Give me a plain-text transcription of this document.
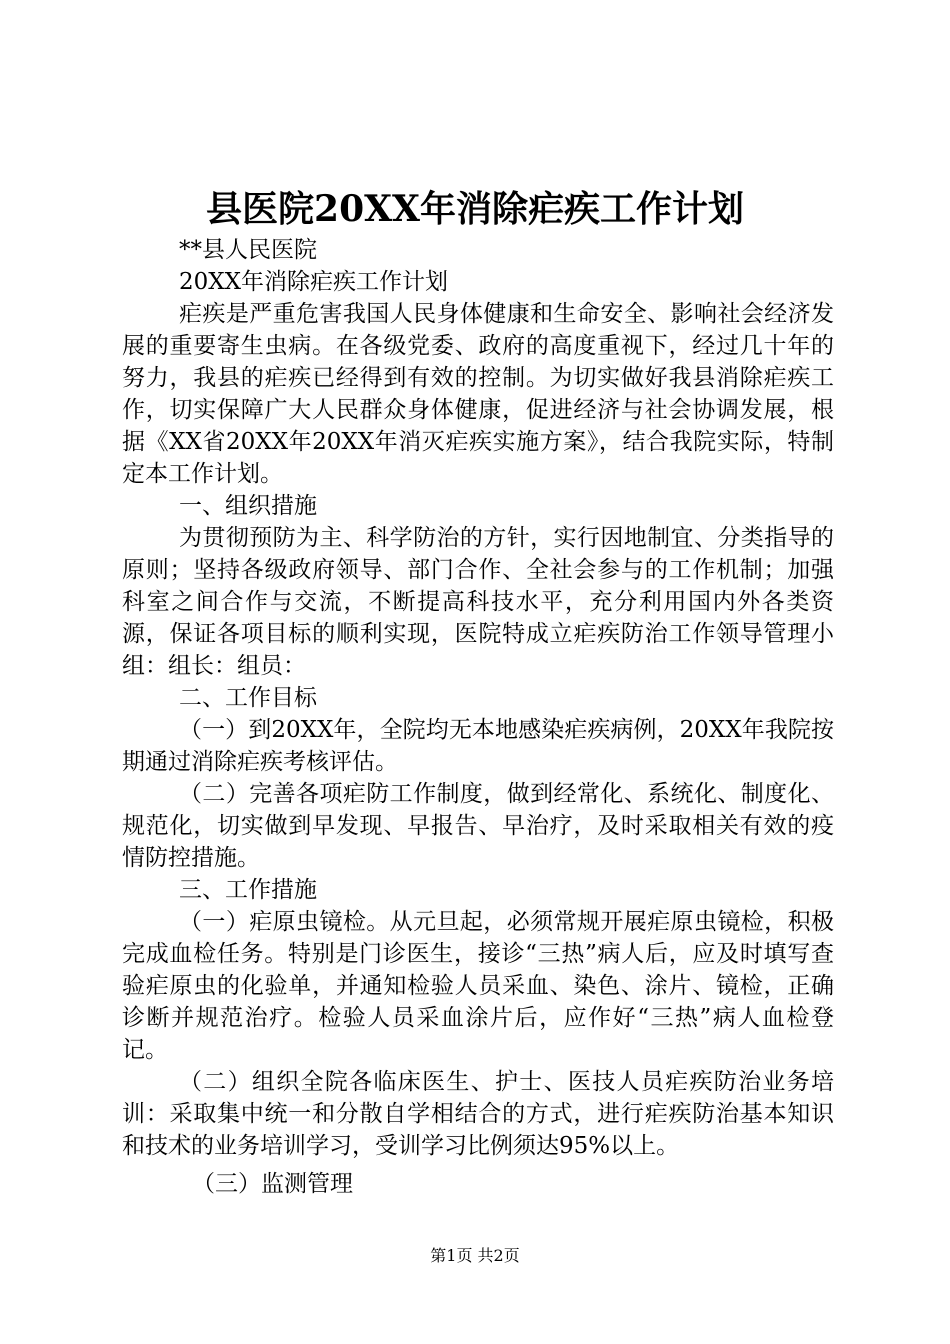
县医院20XX年消除疟疾工作计划

**县人民医院

20XX年消除疟疾工作计划

疟疾是严重危害我国人民身体健康和生命安全、影响社会经济发展的重要寄生虫病。在各级党委、政府的高度重视下，经过几十年的努力，我县的疟疾已经得到有效的控制。为切实做好我县消除疟疾工作，切实保障广大人民群众身体健康，促进经济与社会协调发展，根据《XX省20XX年20XX年消灭疟疾实施方案》，结合我院实际，特制定本工作计划。

一、组织措施

为贯彻预防为主、科学防治的方针，实行因地制宜、分类指导的原则；坚持各级政府领导、部门合作、全社会参与的工作机制；加强科室之间合作与交流，不断提高科技水平，充分利用国内外各类资源，保证各项目标的顺利实现，医院特成立疟疾防治工作领导管理小组：组长：组员：

二、工作目标

（一）到20XX年，全院均无本地感染疟疾病例，20XX年我院按期通过消除疟疾考核评估。

（二）完善各项疟防工作制度，做到经常化、系统化、制度化、规范化，切实做到早发现、早报告、早治疗，及时采取相关有效的疫情防控措施。

三、工作措施

（一）疟原虫镜检。从元旦起，必须常规开展疟原虫镜检，积极完成血检任务。特别是门诊医生，接诊“三热”病人后，应及时填写查验疟原虫的化验单，并通知检验人员采血、染色、涂片、镜检，正确诊断并规范治疗。检验人员采血涂片后，应作好“三热”病人血检登记。

（二）组织全院各临床医生、护士、医技人员疟疾防治业务培训：采取集中统一和分散自学相结合的方式，进行疟疾防治基本知识和技术的业务培训学习，受训学习比例须达95%以上。

（三）监测管理

第1页 共2页
